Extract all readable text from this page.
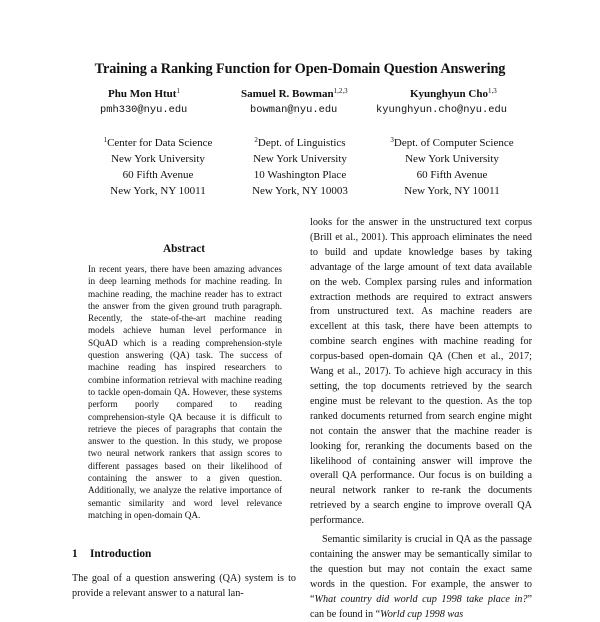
Training a Ranking Function for Open-Domain Question Answering
Phu Mon Htut$^1$
pmh330@nyu.edu
Samuel R. Bowman$^{1,2,3}$
bowman@nyu.edu
Kyunghyun Cho$^{1,3}$
kyunghyun.cho@nyu.edu
$^1$Center for Data Science
New York University
60 Fifth Avenue
New York, NY 10011
$^2$Dept. of Linguistics
New York University
10 Washington Place
New York, NY 10003
$^3$Dept. of Computer Science
New York University
60 Fifth Avenue
New York, NY 10011
Abstract
In recent years, there have been amazing advances in deep learning methods for machine reading. In machine reading, the machine reader has to extract the answer from the given ground truth paragraph. Recently, the state-of-the-art machine reading models achieve human level performance in SQuAD which is a reading comprehension-style question answering (QA) task. The success of machine reading has inspired researchers to combine information retrieval with machine reading to tackle open-domain QA. However, these systems perform poorly compared to reading comprehension-style QA because it is difficult to retrieve the pieces of paragraphs that contain the answer to the question. In this study, we propose two neural network rankers that assign scores to different passages based on their likelihood of containing the answer to a given question. Additionally, we analyze the relative importance of semantic similarity and word level relevance matching in open-domain QA.
1 Introduction
The goal of a question answering (QA) system is to provide a relevant answer to a natural lan-

looks for the answer in the unstructured text corpus (Brill et al., 2001). This approach eliminates the need to build and update knowledge bases by taking advantage of the large amount of text data available on the web. Complex parsing rules and information extraction methods are required to extract answers from unstructured text. As machine readers are excellent at this task, there have been attempts to combine search engines with machine reading for corpus-based open-domain QA (Chen et al., 2017; Wang et al., 2017). To achieve high accuracy in this setting, the top documents retrieved by the search engine must be relevant to the question. As the top ranked documents returned from search engine might not contain the answer that the machine reader is looking for, reranking the documents based on the likelihood of containing answer will improve the overall QA performance. Our focus is on building a neural network ranker to re-rank the documents retrieved by a search engine to improve overall QA performance.

Semantic similarity is crucial in QA as the passage containing the answer may be semantically similar to the question but may not contain the exact same words in the question. For example, the answer to “What country did world cup 1998 take place in?” can be found in “World cup 1998 was
